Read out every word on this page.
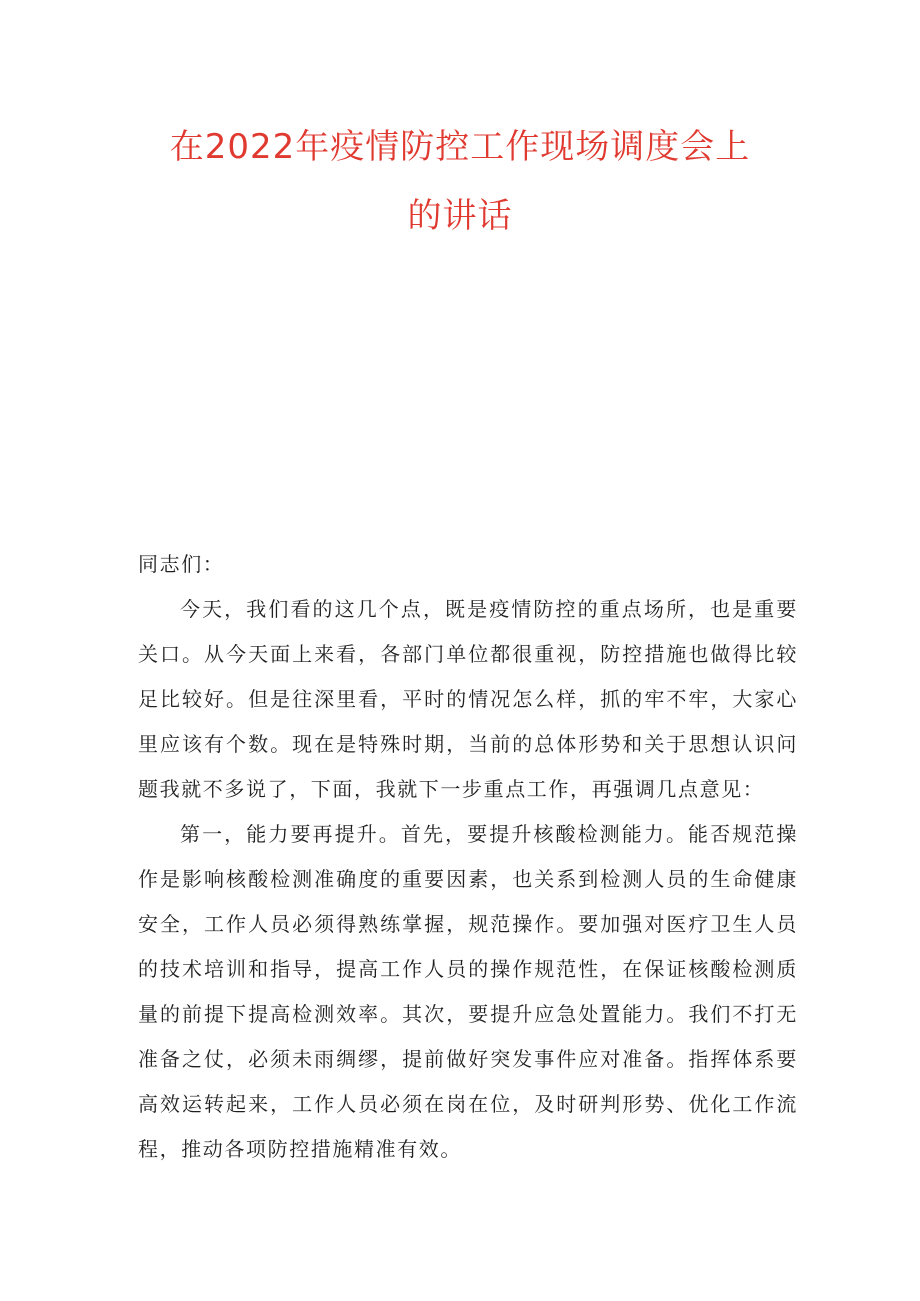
在2022年疫情防控工作现场调度会上
的讲话
同志们：

今天，我们看的这几个点，既是疫情防控的重点场所，也是重要关口。从今天面上来看，各部门单位都很重视，防控措施也做得比较足比较好。但是往深里看，平时的情况怎么样，抓的牢不牢，大家心里应该有个数。现在是特殊时期，当前的总体形势和关于思想认识问题我就不多说了，下面，我就下一步重点工作，再强调几点意见：

第一，能力要再提升。首先，要提升核酸检测能力。能否规范操作是影响核酸检测准确度的重要因素，也关系到检测人员的生命健康安全，工作人员必须得熟练掌握，规范操作。要加强对医疗卫生人员的技术培训和指导，提高工作人员的操作规范性，在保证核酸检测质量的前提下提高检测效率。其次，要提升应急处置能力。我们不打无准备之仗，必须未雨绸缪，提前做好突发事件应对准备。指挥体系要高效运转起来，工作人员必须在岗在位，及时研判形势、优化工作流程，推动各项防控措施精准有效。
